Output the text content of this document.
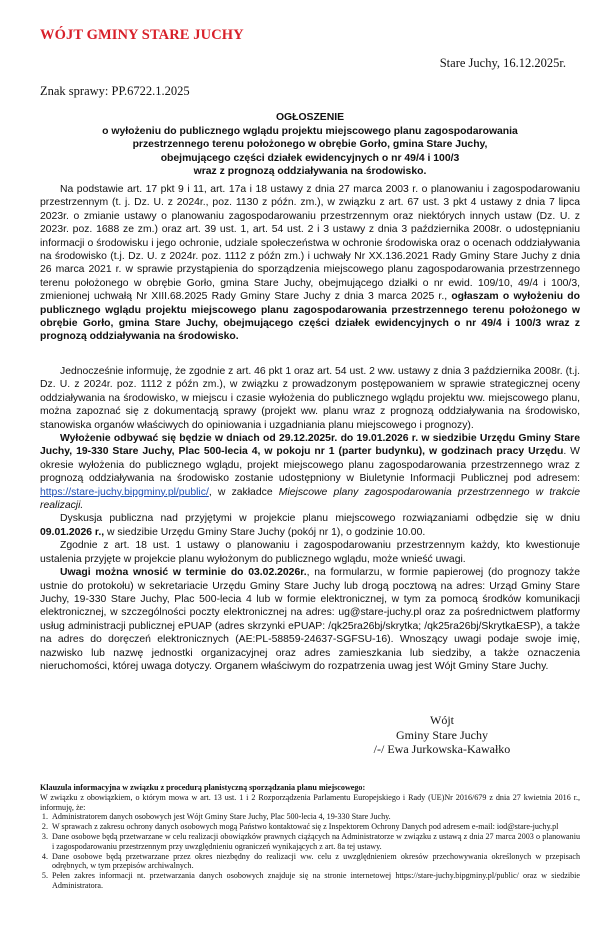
WÓJT GMINY STARE JUCHY
Stare Juchy, 16.12.2025r.
Znak sprawy: PP.6722.1.2025
OGŁOSZENIE
o wyłożeniu do publicznego wglądu projektu miejscowego planu zagospodarowania
przestrzennego terenu położonego w obrębie Gorło, gmina Stare Juchy,
obejmującego części działek ewidencyjnych o nr 49/4 i 100/3
wraz z prognozą oddziaływania na środowisko.

Na podstawie art. 17 pkt 9 i 11, art. 17a i 18 ustawy z dnia 27 marca 2003 r. o planowaniu i zagospodarowaniu przestrzennym (t. j. Dz. U. z 2024r., poz. 1130 z późn. zm.), w związku z art. 67 ust. 3 pkt 4 ustawy z dnia 7 lipca 2023r. o zmianie ustawy o planowaniu zagospodarowaniu przestrzennym oraz niektórych innych ustaw (Dz. U. z 2023r. poz. 1688 ze zm.) oraz art. 39 ust. 1, art. 54 ust. 2 i 3 ustawy z dnia 3 października 2008r. o udostępnianiu informacji o środowisku i jego ochronie, udziale społeczeństwa w ochronie środowiska oraz o ocenach oddziaływania na środowisko (t.j. Dz. U. z 2024r. poz. 1112 z późn zm.) i uchwały Nr XX.136.2021 Rady Gminy Stare Juchy z dnia 26 marca 2021 r. w sprawie przystąpienia do sporządzenia miejscowego planu zagospodarowania przestrzennego terenu położonego w obrębie Gorło, gmina Stare Juchy, obejmującego działki o nr ewid. 109/10, 49/4 i 100/3, zmienionej uchwałą Nr XIII.68.2025 Rady Gminy Stare Juchy z dnia 3 marca 2025 r., ogłaszam o wyłożeniu do publicznego wglądu projektu miejscowego planu zagospodarowania przestrzennego terenu położonego w obrębie Gorło, gmina Stare Juchy, obejmującego części działek ewidencyjnych o nr 49/4 i 100/3 wraz z prognozą oddziaływania na środowisko.

Jednocześnie informuję, że zgodnie z art. 46 pkt 1 oraz art. 54 ust. 2 ww. ustawy z dnia 3 października 2008r. (t.j. Dz. U. z 2024r. poz. 1112 z późn zm.), w związku z prowadzonym postępowaniem w sprawie strategicznej oceny oddziaływania na środowisko, w miejscu i czasie wyłożenia do publicznego wglądu projektu ww. miejscowego planu, można zapoznać się z dokumentacją sprawy (projekt ww. planu wraz z prognozą oddziaływania na środowisko, stanowiska organów właściwych do opiniowania i uzgadniania planu miejscowego i prognozy).

Wyłożenie odbywać się będzie w dniach od 29.12.2025r. do 19.01.2026 r. w siedzibie Urzędu Gminy Stare Juchy, 19-330 Stare Juchy, Plac 500-lecia 4, w pokoju nr 1 (parter budynku), w godzinach pracy Urzędu. W okresie wyłożenia do publicznego wglądu, projekt miejscowego planu zagospodarowania przestrzennego wraz z prognozą oddziaływania na środowisko zostanie udostępniony w Biuletynie Informacji Publicznej pod adresem: https://stare-juchy.bipgminy.pl/public/, w zakładce Miejscowe plany zagospodarowania przestrzennego w trakcie realizacji.

Dyskusja publiczna nad przyjętymi w projekcie planu miejscowego rozwiązaniami odbędzie się w dniu 09.01.2026 r., w siedzibie Urzędu Gminy Stare Juchy (pokój nr 1), o godzinie 10.00.

Zgodnie z art. 18 ust. 1 ustawy o planowaniu i zagospodarowaniu przestrzennym każdy, kto kwestionuje ustalenia przyjęte w projekcie planu wyłożonym do publicznego wglądu, może wnieść uwagi.

Uwagi można wnosić w terminie do 03.02.2026r., na formularzu, w formie papierowej (do prognozy także ustnie do protokołu) w sekretariacie Urzędu Gminy Stare Juchy lub drogą pocztową na adres: Urząd Gminy Stare Juchy, 19-330 Stare Juchy, Plac 500-lecia 4 lub w formie elektronicznej, w tym za pomocą środków komunikacji elektronicznej, w szczególności poczty elektronicznej na adres: ug@stare-juchy.pl oraz za pośrednictwem platformy usług administracji publicznej ePUAP (adres skrzynki ePUAP: /qk25ra26bj/skrytka; /qk25ra26bj/SkrytkaESP), a także na adres do doręczeń elektronicznych (AE:PL-58859-24637-SGFSU-16). Wnoszący uwagi podaje swoje imię, nazwisko lub nazwę jednostki organizacyjnej oraz adres zamieszkania lub siedziby, a także oznaczenia nieruchomości, której uwaga dotyczy. Organem właściwym do rozpatrzenia uwag jest Wójt Gminy Stare Juchy.

Wójt
Gminy Stare Juchy
/-/ Ewa Jurkowska-Kawałko
Klauzula informacyjna w związku z procedurą planistyczną sporządzania planu miejscowego:
W związku z obowiązkiem, o którym mowa w art. 13 ust. 1 i 2 Rozporządzenia Parlamentu Europejskiego i Rady (UE)Nr 2016/679 z dnia 27 kwietnia 2016 r., informuję, że:
1. Administratorem danych osobowych jest Wójt Gminy Stare Juchy, Plac 500-lecia 4, 19-330 Stare Juchy.
2. W sprawach z zakresu ochrony danych osobowych mogą Państwo kontaktować się z Inspektorem Ochrony Danych pod adresem e-mail: iod@stare-juchy.pl
3. Dane osobowe będą przetwarzane w celu realizacji obowiązków prawnych ciążących na Administratorze w związku z ustawą z dnia 27 marca 2003 o planowaniu i zagospodarowaniu przestrzennym przy uwzględnieniu ograniczeń wynikających z art. 8a tej ustawy.
4. Dane osobowe będą przetwarzane przez okres niezbędny do realizacji ww. celu z uwzględnieniem okresów przechowywania określonych w przepisach odrębnych, w tym przepisów archiwalnych.
5. Pełen zakres informacji nt. przetwarzania danych osobowych znajduje się na stronie internetowej https://stare-juchy.bipgminy.pl/public/ oraz w siedzibie Administratora.
